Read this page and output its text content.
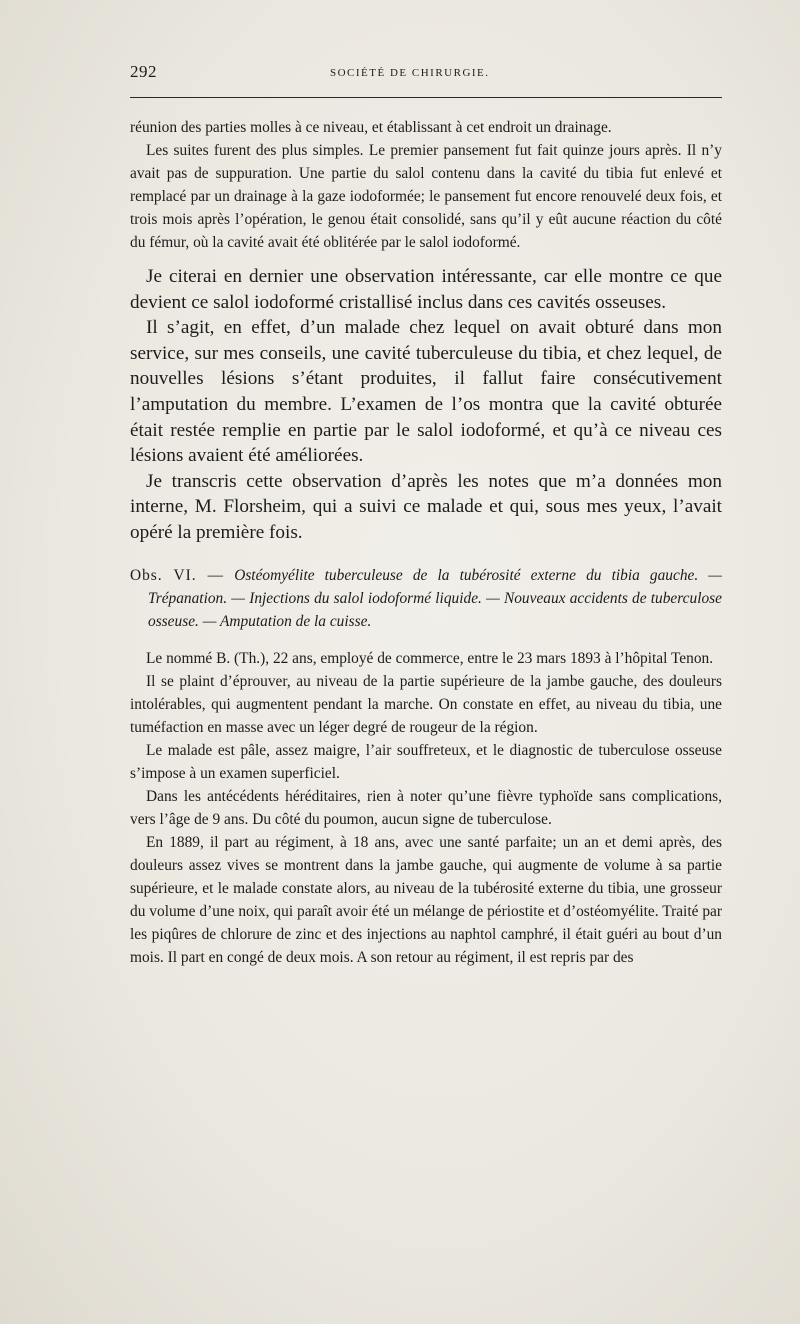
292	SOCIÉTÉ DE CHIRURGIE.

réunion des parties molles à ce niveau, et établissant à cet endroit un drainage.

Les suites furent des plus simples. Le premier pansement fut fait quinze jours après. Il n’y avait pas de suppuration. Une partie du salol contenu dans la cavité du tibia fut enlevé et remplacé par un drainage à la gaze iodoformée; le pansement fut encore renouvelé deux fois, et trois mois après l’opération, le genou était consolidé, sans qu’il y eût aucune réaction du côté du fémur, où la cavité avait été oblitérée par le salol iodoformé.

Je citerai en dernier une observation intéressante, car elle montre ce que devient ce salol iodoformé cristallisé inclus dans ces cavités osseuses.

Il s’agit, en effet, d’un malade chez lequel on avait obturé dans mon service, sur mes conseils, une cavité tuberculeuse du tibia, et chez lequel, de nouvelles lésions s’étant produites, il fallut faire consécutivement l’amputation du membre. L’examen de l’os montra que la cavité obturée était restée remplie en partie par le salol iodoformé, et qu’à ce niveau ces lésions avaient été améliorées.

Je transcris cette observation d’après les notes que m’a données mon interne, M. Florsheim, qui a suivi ce malade et qui, sous mes yeux, l’avait opéré la première fois.

Obs. VI. — Ostéomyélite tuberculeuse de la tubérosité externe du tibia gauche. — Trépanation. — Injections du salol iodoformé liquide. — Nouveaux accidents de tuberculose osseuse. — Amputation de la cuisse.

Le nommé B. (Th.), 22 ans, employé de commerce, entre le 23 mars 1893 à l’hôpital Tenon.

Il se plaint d’éprouver, au niveau de la partie supérieure de la jambe gauche, des douleurs intolérables, qui augmentent pendant la marche. On constate en effet, au niveau du tibia, une tuméfaction en masse avec un léger degré de rougeur de la région.

Le malade est pâle, assez maigre, l’air souffreteux, et le diagnostic de tuberculose osseuse s’impose à un examen superficiel.

Dans les antécédents héréditaires, rien à noter qu’une fièvre typhoïde sans complications, vers l’âge de 9 ans. Du côté du poumon, aucun signe de tuberculose.

En 1889, il part au régiment, à 18 ans, avec une santé parfaite; un an et demi après, des douleurs assez vives se montrent dans la jambe gauche, qui augmente de volume à sa partie supérieure, et le malade constate alors, au niveau de la tubérosité externe du tibia, une grosseur du volume d’une noix, qui paraît avoir été un mélange de périostite et d’ostéomyélite. Traité par les piqûres de chlorure de zinc et des injections au naphtol camphré, il était guéri au bout d’un mois. Il part en congé de deux mois. A son retour au régiment, il est repris par des
